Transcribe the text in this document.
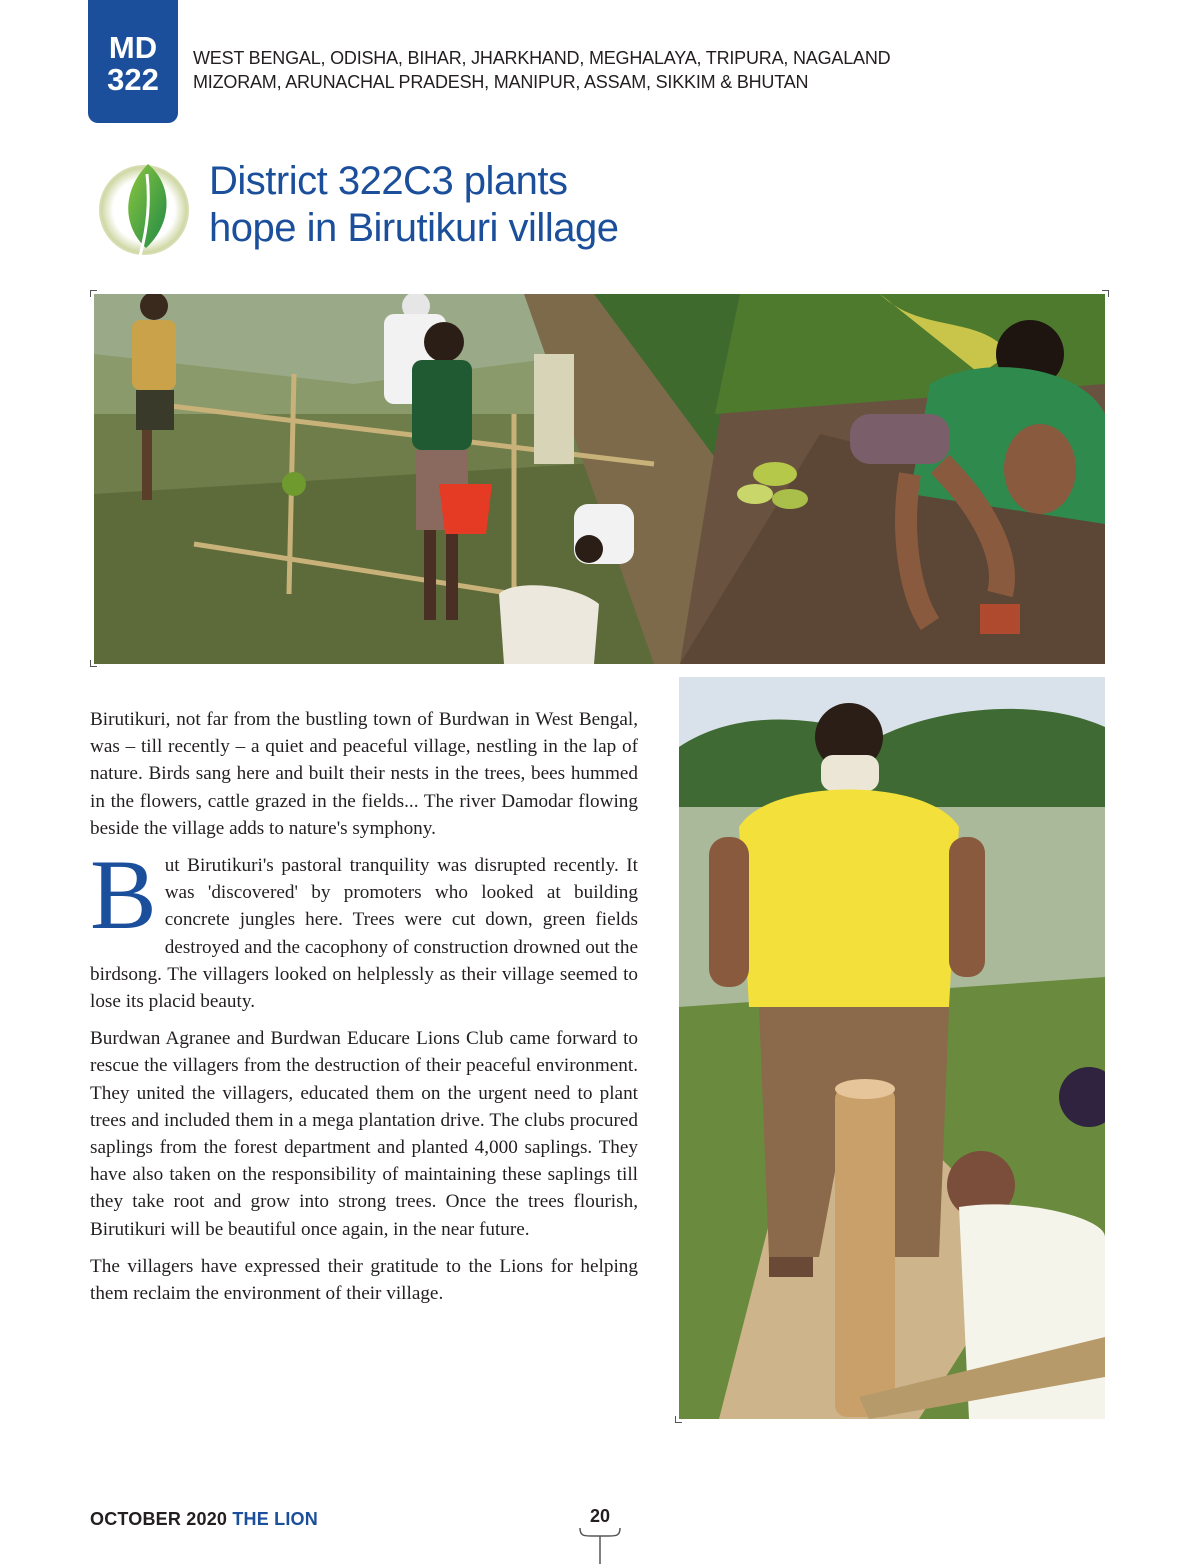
MD
322
WEST BENGAL, ODISHA, BIHAR, JHARKHAND, MEGHALAYA, TRIPURA, NAGALAND
MIZORAM, ARUNACHAL PRADESH, MANIPUR, ASSAM, SIKKIM & BHUTAN
District 322C3 plants
hope in Birutikuri village

Birutikuri, not far from the bustling town of Burdwan in West Bengal, was – till recently – a quiet and peaceful village, nestling in the lap of nature. Birds sang here and built their nests in the trees, bees hummed in the flowers, cattle grazed in the fields... The river Damodar flowing beside the village adds to nature's symphony.

But Birutikuri's pastoral tranquility was disrupted recently. It was 'discovered' by promoters who looked at building concrete jungles here. Trees were cut down, green fields destroyed and the cacophony of construction drowned out the birdsong. The villagers looked on helplessly as their village seemed to lose its placid beauty.

Burdwan Agranee and Burdwan Educare Lions Club came forward to rescue the villagers from the destruction of their peaceful environment. They united the villagers, educated them on the urgent need to plant trees and included them in a mega plantation drive. The clubs procured saplings from the forest department and planted 4,000 saplings. They have also taken on the responsibility of maintaining these saplings till they take root and grow into strong trees. Once the trees flourish, Birutikuri will be beautiful once again, in the near future.

The villagers have expressed their gratitude to the Lions for helping them reclaim the environment of their village.

OCTOBER 2020 THE LION	20
